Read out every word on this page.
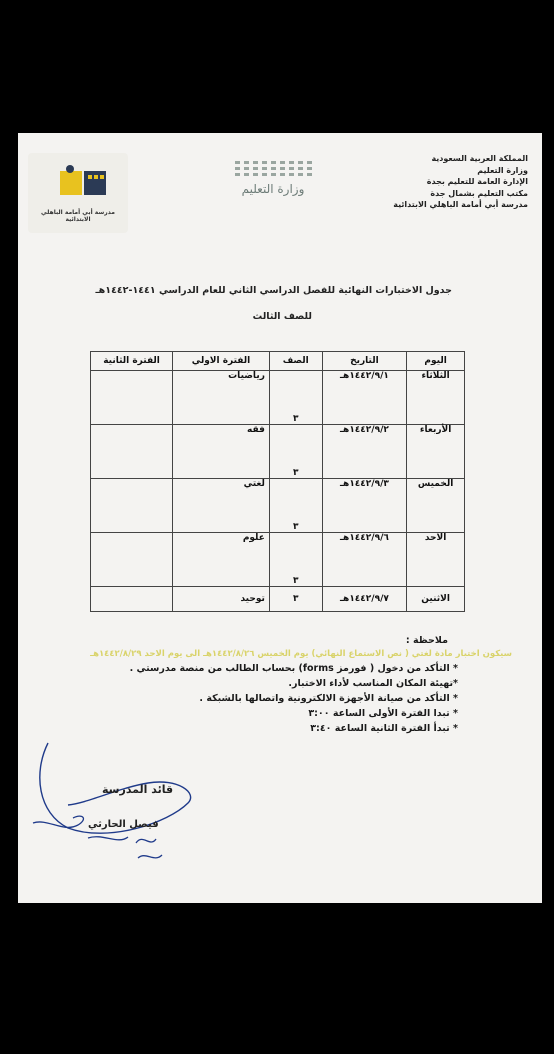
مدرسة أبي أمامة الباهلي الابتدائية
وزارة التعليم
المملكة العربية السعودية
وزارة التعليم
الإدارة العامة للتعليم بجدة
مكتب التعليم بشمال جدة
مدرسة أبي أمامة الباهلي الابتدائية
جدول الاختبارات النهائية للفصل الدراسي الثاني للعام الدراسي ١٤٤١-١٤٤٢هـ
للصف الثالث
اليوم	التاريخ	الصف	الفترة الاولي	الفترة الثانية
الثلاثاء	١٤٤٢/٩/١هـ	٣	رياضيات	
الأربعاء	١٤٤٢/٩/٢هـ	٣	فقه	
الخميس	١٤٤٢/٩/٣هـ	٣	لغتي	
الاحد	١٤٤٢/٩/٦هـ	٣	علوم	
الاثنين	١٤٤٢/٩/٧هـ	٣	توحيد	
ملاحظة :
سيكون اختبار مادة لغتي ( نص الاستماع النهائي) يوم الخميس ١٤٤٢/٨/٢٦هـ الى يوم الاحد ١٤٤٢/٨/٢٩هـ
* التأكد من دخول ( فورمز forms) بحساب الطالب من منصة مدرستي .
*تهيئة المكان المناسب لأداء الاختبار.
* التأكد من صيانة الأجهزة الالكترونية واتصالها بالشبكة .
* تبدا الفترة الأولى الساعة ٣:٠٠
* تبدأ الفترة الثانية الساعة ٣:٤٠
قائد المدرسة
فيصل الحارثي
